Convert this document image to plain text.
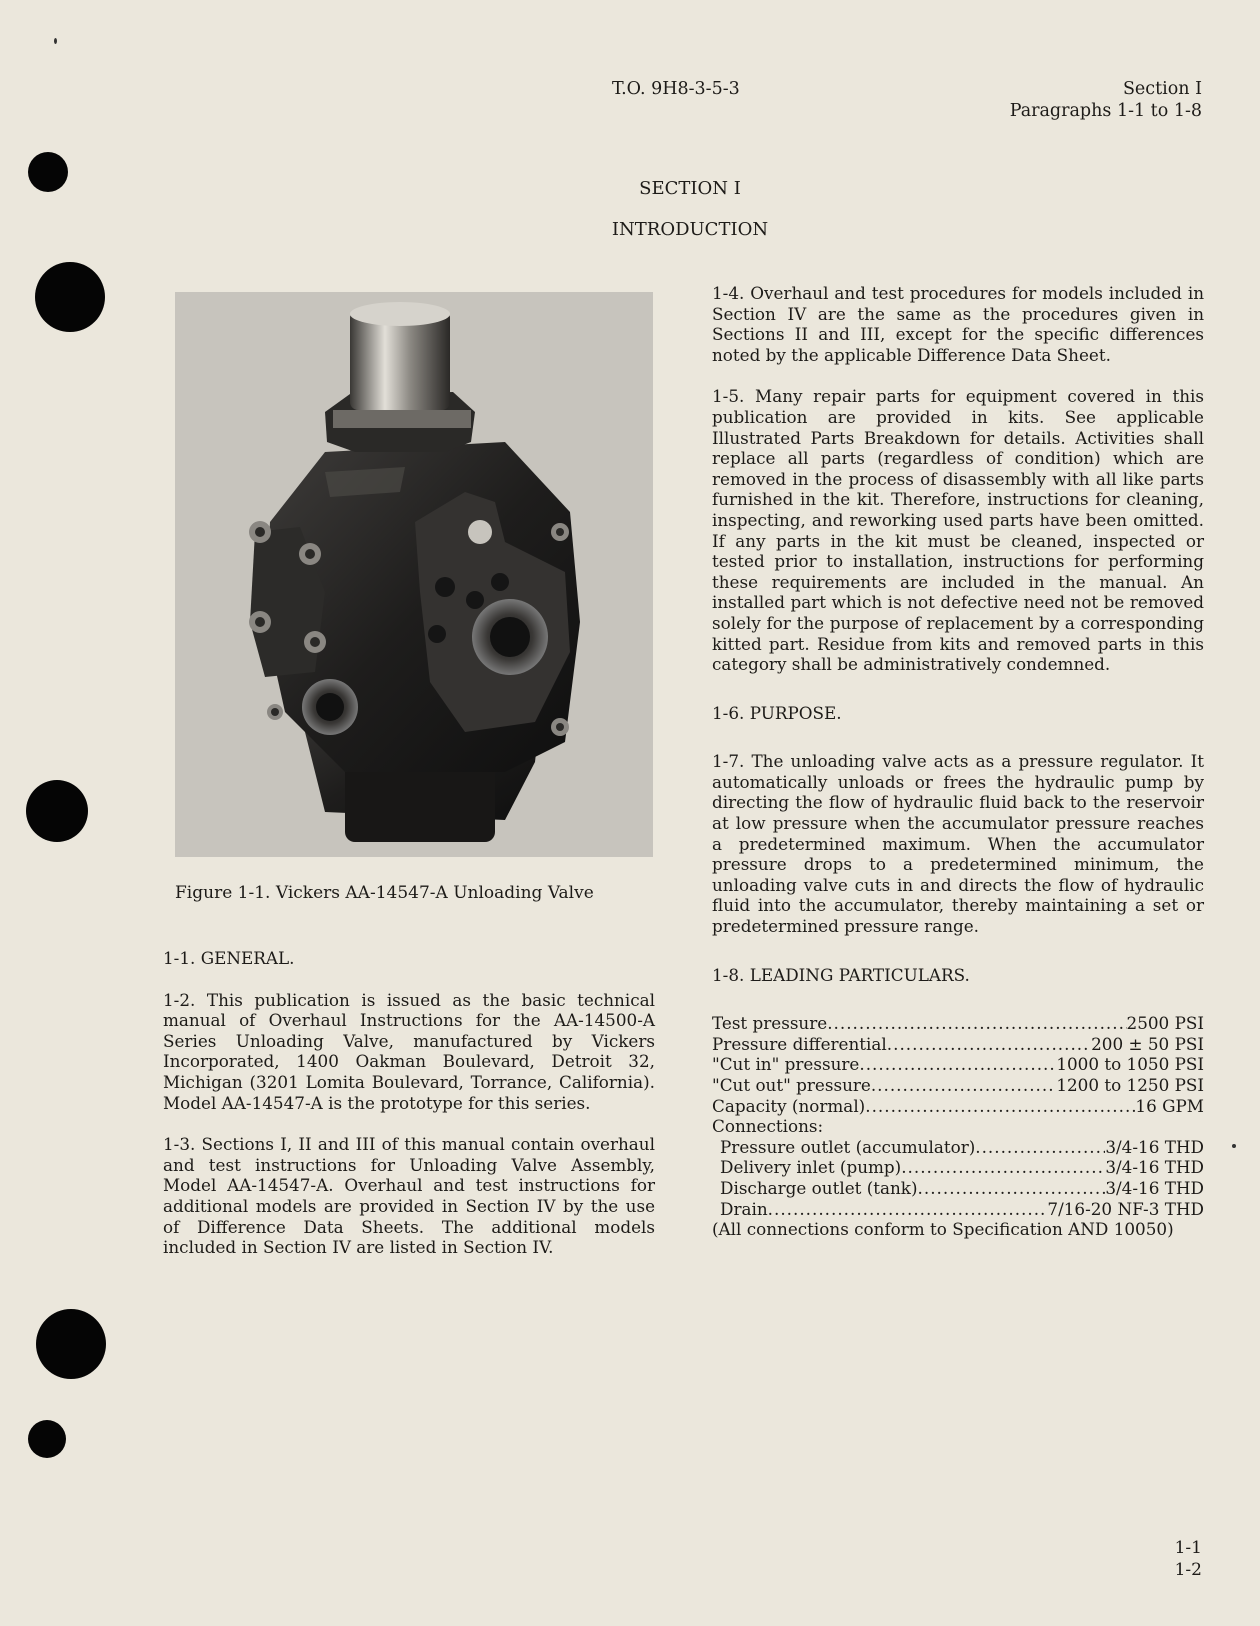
T.O. 9H8-3-5-3	Section I
Paragraphs 1-1 to 1-8
SECTION I
INTRODUCTION
Figure 1-1. Vickers AA-14547-A Unloading Valve

1-1. GENERAL.

1-2. This publication is issued as the basic technical manual of Overhaul Instructions for the AA-14500-A Series Unloading Valve, manufactured by Vickers Incorporated, 1400 Oakman Boulevard, Detroit 32, Michigan (3201 Lomita Boulevard, Torrance, California). Model AA-14547-A is the prototype for this series.

1-3. Sections I, II and III of this manual contain overhaul and test instructions for Unloading Valve Assembly, Model AA-14547-A. Overhaul and test instructions for additional models are provided in Section IV by the use of Difference Data Sheets. The additional models included in Section IV are listed in Section IV.

1-4. Overhaul and test procedures for models included in Section IV are the same as the procedures given in Sections II and III, except for the specific differences noted by the applicable Difference Data Sheet.

1-5. Many repair parts for equipment covered in this publication are provided in kits. See applicable Illustrated Parts Breakdown for details. Activities shall replace all parts (regardless of condition) which are removed in the process of disassembly with all like parts furnished in the kit. Therefore, instructions for cleaning, inspecting, and reworking used parts have been omitted. If any parts in the kit must be cleaned, inspected or tested prior to installation, instructions for performing these requirements are included in the manual. An installed part which is not defective need not be removed solely for the purpose of replacement by a corresponding kitted part. Residue from kits and removed parts in this category shall be administratively condemned.

1-6. PURPOSE.

1-7. The unloading valve acts as a pressure regulator. It automatically unloads or frees the hydraulic pump by directing the flow of hydraulic fluid back to the reservoir at low pressure when the accumulator pressure reaches a predetermined maximum. When the accumulator pressure drops to a predetermined minimum, the unloading valve cuts in and directs the flow of hydraulic fluid into the accumulator, thereby maintaining a set or predetermined pressure range.

1-8. LEADING PARTICULARS.

Test pressure .....	2500 PSI
Pressure differential .....	200 ± 50 PSI
"Cut in" pressure .....	1000 to 1050 PSI
"Cut out" pressure .....	1200 to 1250 PSI
Capacity (normal) .....	16 GPM
Connections:
Pressure outlet (accumulator) .....	3/4-16 THD
Delivery inlet (pump) .....	3/4-16 THD
Discharge outlet (tank) .....	3/4-16 THD
Drain .....	7/16-20 NF-3 THD
(All connections conform to Specification AND 10050)
1-1
1-2
